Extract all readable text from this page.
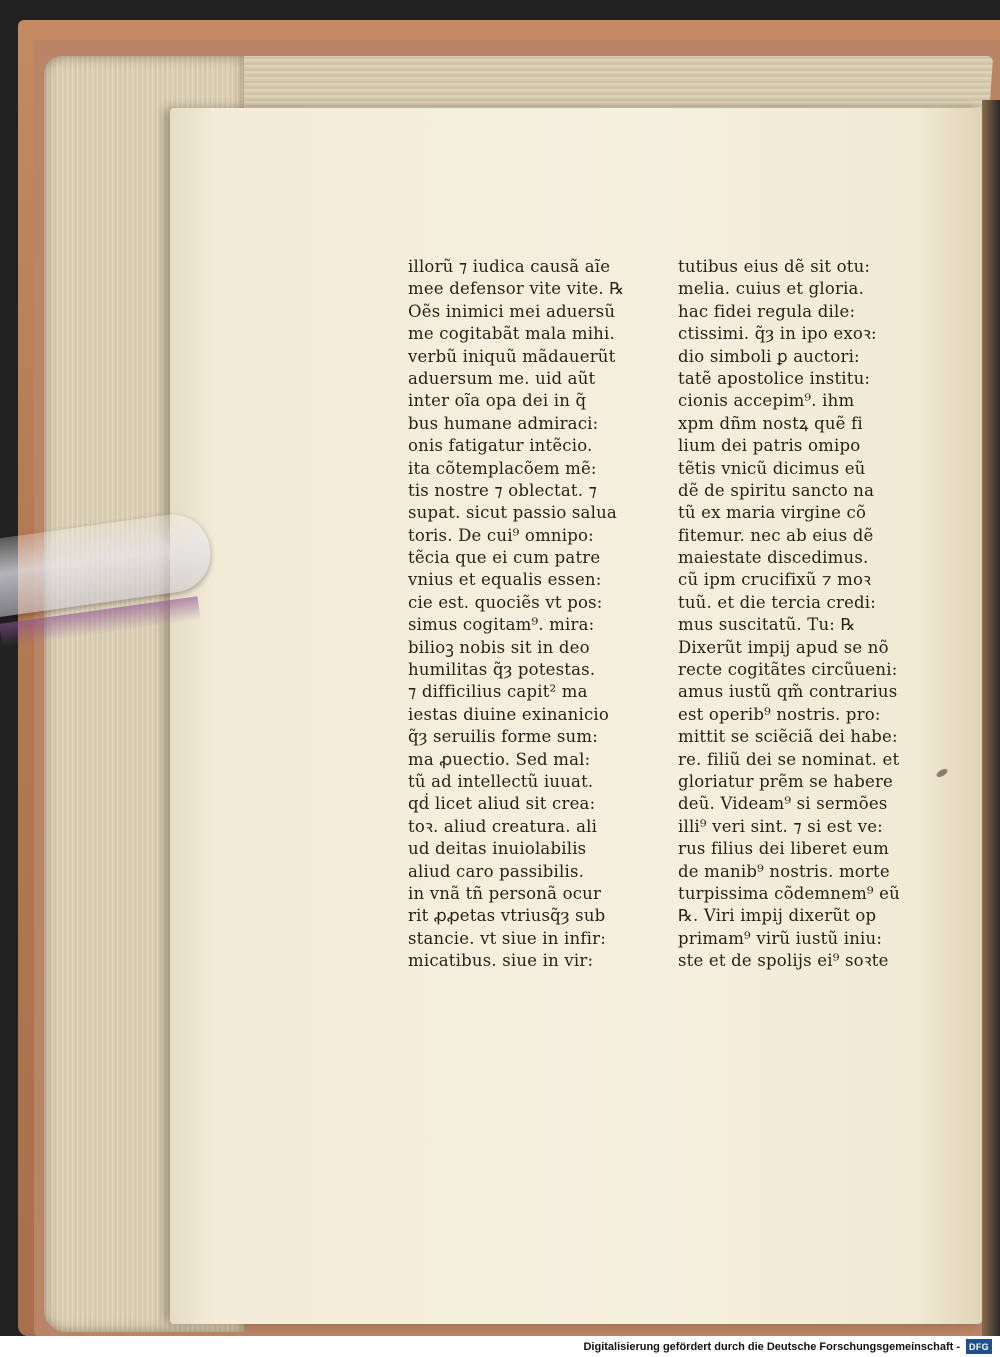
illorũ ⁊ iudica causã aĩe
mee defensor vite vite. ℞
Oẽs inimici mei aduersũ
me cogitabãt mala mihi.
verbũ iniquũ mãdauerũt
aduersum me. uid aũt
inter oĩa opa dei in q̃
bus humane admiraci:
onis fatigatur intẽcio.
ita cõtemplacõem mẽ:
tis nostre ⁊ oblectat. ⁊
supat. sicut passio salua
toris. De cui⁹ omnipo:
tẽcia que ei cum patre
vnius et equalis essen:
cie est. quociẽs vt pos:
simus cogitam⁹. mira:
bilioꝫ nobis sit in deo
humilitas q̃ȝ potestas.
⁊ difficilius capit² ma
iestas diuine exinanicio
q̃ȝ seruilis forme sum:
ma ꝓuectio. Sed mal:
tũ ad intellectũ iuuat.
qḋ licet aliud sit crea:
toꝛ. aliud creatura. ali
ud deitas inuiolabilis
aliud caro passibilis.
in vnã tñ personã ocur
rit ꝓꝓetas vtriusq̃ȝ sub
stancie. vt siue in infir:
micatibus. siue in vir:
tutibus eius dẽ sit otu:
melia. cuius et gloria.
hac fidei regula dile:
ctissimi. q̃ȝ in ipo exoꝛ:
dio simboli ꝑ auctori:
tatẽ apostolice institu:
cionis accepim⁹. ihm
xpm dñm nostꝝ quẽ fi
lium dei patris omipo
tẽtis vnicũ dicimus eũ
dẽ de spiritu sancto na
tũ ex maria virgine cõ
fitemur. nec ab eius dẽ
maiestate discedimus.
cũ ipm crucifixũ ⁊ moꝛ
tuũ. et die tercia credi:
mus suscitatũ. Tu: ℞
Dixerũt impij apud se nõ
recte cogitãtes circũueni:
amus iustũ qm̃ contrarius
est operib⁹ nostris. pro:
mittit se sciẽciã dei habe:
re. filiũ dei se nominat. et
gloriatur prẽm se habere
deũ. Videam⁹ si sermões
illi⁹ veri sint. ⁊ si est ve:
rus filius dei liberet eum
de manib⁹ nostris. morte
turpissima cõdemnem⁹ eũ
℞. Viri impij dixerũt op
primam⁹ virũ iustũ iniu:
ste et de spolijs ei⁹ soꝛte
Digitalisierung gefördert durch die Deutsche Forschungsgemeinschaft -	DFG
